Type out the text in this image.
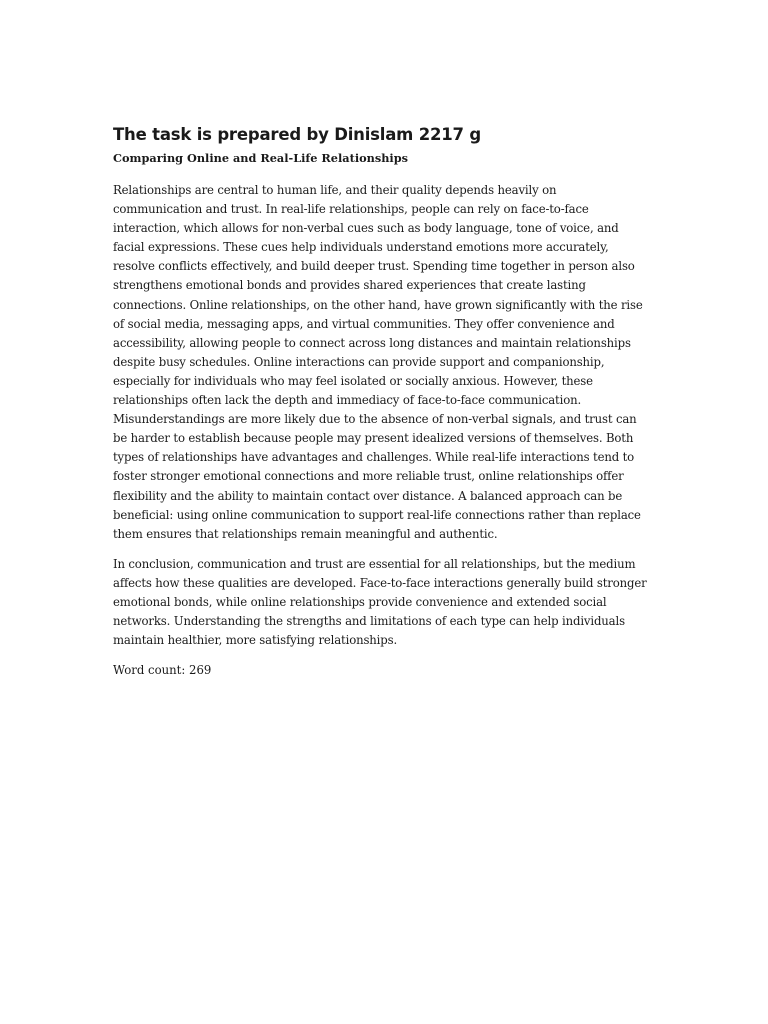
The task is prepared by Dinislam 2217 g
Comparing Online and Real-Life Relationships

Relationships are central to human life, and their quality depends heavily on
communication and trust. In real-life relationships, people can rely on face-to-face
interaction, which allows for non-verbal cues such as body language, tone of voice, and
facial expressions. These cues help individuals understand emotions more accurately,
resolve conflicts effectively, and build deeper trust. Spending time together in person also
strengthens emotional bonds and provides shared experiences that create lasting
connections. Online relationships, on the other hand, have grown significantly with the rise
of social media, messaging apps, and virtual communities. They offer convenience and
accessibility, allowing people to connect across long distances and maintain relationships
despite busy schedules. Online interactions can provide support and companionship,
especially for individuals who may feel isolated or socially anxious. However, these
relationships often lack the depth and immediacy of face-to-face communication.
Misunderstandings are more likely due to the absence of non-verbal signals, and trust can
be harder to establish because people may present idealized versions of themselves. Both
types of relationships have advantages and challenges. While real-life interactions tend to
foster stronger emotional connections and more reliable trust, online relationships offer
flexibility and the ability to maintain contact over distance. A balanced approach can be
beneficial: using online communication to support real-life connections rather than replace
them ensures that relationships remain meaningful and authentic.

In conclusion, communication and trust are essential for all relationships, but the medium
affects how these qualities are developed. Face-to-face interactions generally build stronger
emotional bonds, while online relationships provide convenience and extended social
networks. Understanding the strengths and limitations of each type can help individuals
maintain healthier, more satisfying relationships.

Word count: 269
